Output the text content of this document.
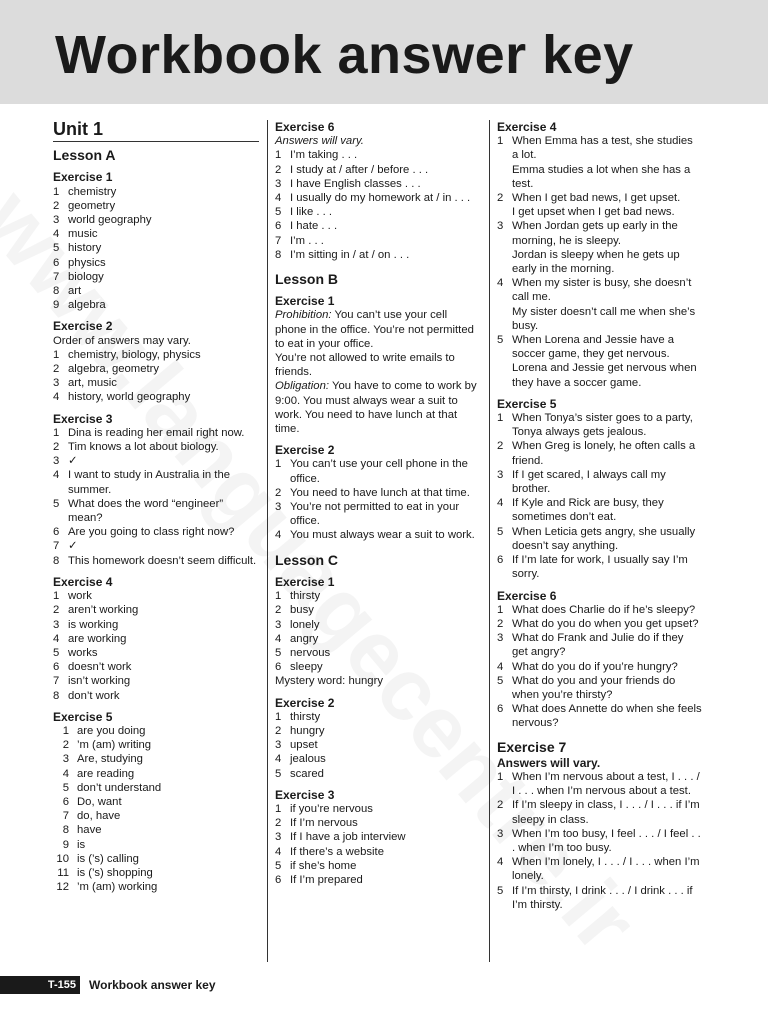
Workbook answer key
Unit 1
Lesson A
Exercise 1
1 chemistry
2 geometry
3 world geography
4 music
5 history
6 physics
7 biology
8 art
9 algebra
Exercise 2
Order of answers may vary.
1 chemistry, biology, physics
2 algebra, geometry
3 art, music
4 history, world geography
Exercise 3
1 Dina is reading her email right now.
2 Tim knows a lot about biology.
3 ✓
4 I want to study in Australia in the summer.
5 What does the word “engineer” mean?
6 Are you going to class right now?
7 ✓
8 This homework doesn’t seem difficult.
Exercise 4
1 work
2 aren’t working
3 is working
4 are working
5 works
6 doesn’t work
7 isn’t working
8 don’t work
Exercise 5
1 are you doing
2 ’m (am) writing
3 Are, studying
4 are reading
5 don’t understand
6 Do, want
7 do, have
8 have
9 is
10 is (’s) calling
11 is (’s) shopping
12 ’m (am) working
Exercise 6
Answers will vary.
1 I’m taking . . .
2 I study at / after / before . . .
3 I have English classes . . .
4 I usually do my homework at / in . . .
5 I like . . .
6 I hate . . .
7 I’m . . .
8 I’m sitting in / at / on . . .
Lesson B
Exercise 1
Prohibition: You can’t use your cell phone in the office. You’re not permitted to eat in your office.
You’re not allowed to write emails to friends.
Obligation: You have to come to work by 9:00. You must always wear a suit to work. You need to have lunch at that time.
Exercise 2
1 You can’t use your cell phone in the office.
2 You need to have lunch at that time.
3 You’re not permitted to eat in your office.
4 You must always wear a suit to work.
Lesson C
Exercise 1
1 thirsty
2 busy
3 lonely
4 angry
5 nervous
6 sleepy
Mystery word: hungry
Exercise 2
1 thirsty
2 hungry
3 upset
4 jealous
5 scared
Exercise 3
1 if you’re nervous
2 If I’m nervous
3 If I have a job interview
4 If there’s a website
5 if she’s home
6 If I’m prepared
Exercise 4
1 When Emma has a test, she studies a lot.
Emma studies a lot when she has a test.
2 When I get bad news, I get upset.
I get upset when I get bad news.
3 When Jordan gets up early in the morning, he is sleepy.
Jordan is sleepy when he gets up early in the morning.
4 When my sister is busy, she doesn’t call me.
My sister doesn’t call me when she’s busy.
5 When Lorena and Jessie have a soccer game, they get nervous.
Lorena and Jessie get nervous when they have a soccer game.
Exercise 5
1 When Tonya’s sister goes to a party, Tonya always gets jealous.
2 When Greg is lonely, he often calls a friend.
3 If I get scared, I always call my brother.
4 If Kyle and Rick are busy, they sometimes don’t eat.
5 When Leticia gets angry, she usually doesn’t say anything.
6 If I’m late for work, I usually say I’m sorry.
Exercise 6
1 What does Charlie do if he’s sleepy?
2 What do you do when you get upset?
3 What do Frank and Julie do if they get angry?
4 What do you do if you’re hungry?
5 What do you and your friends do when you’re thirsty?
6 What does Annette do when she feels nervous?
Exercise 7
Answers will vary.
1 When I’m nervous about a test, I . . . / I . . . when I’m nervous about a test.
2 If I’m sleepy in class, I . . . / I . . . if I’m sleepy in class.
3 When I’m too busy, I feel . . . / I feel . . . when I’m too busy.
4 When I’m lonely, I . . . / I . . . when I’m lonely.
5 If I’m thirsty, I drink . . . / I drink . . . if I’m thirsty.
T-155	Workbook answer key
